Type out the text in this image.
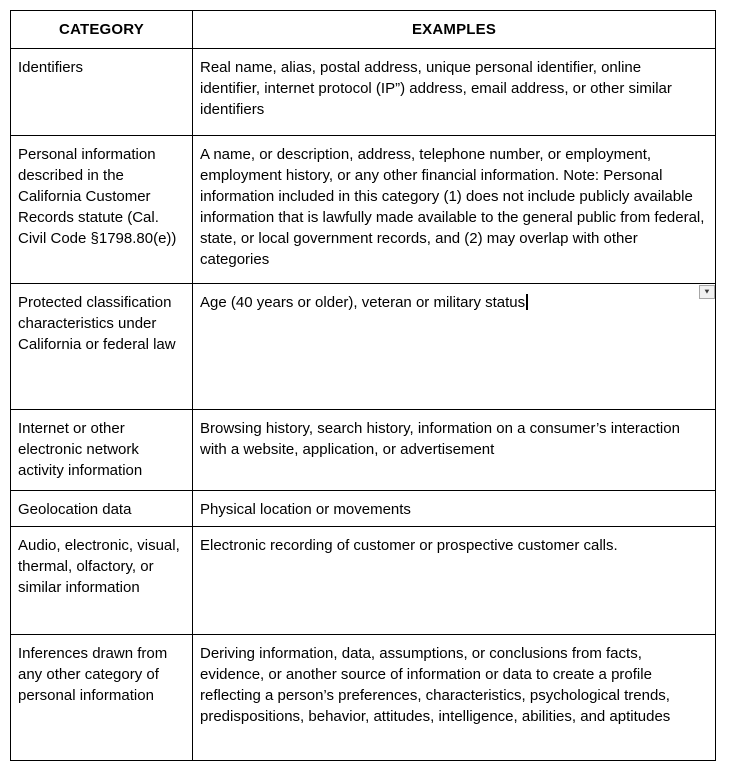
CATEGORY	EXAMPLES
Identifiers	Real name, alias, postal address, unique personal identifier, online identifier, internet protocol (IP”) address, email address, or other similar identifiers
Personal information described in the California Customer Records statute (Cal. Civil Code §1798.80(e))	A name, or description, address, telephone number, or employment, employment history, or any other financial information. Note: Personal information included in this category (1) does not include publicly available information that is lawfully made available to the general public from federal, state, or local government records, and (2) may overlap with other categories
Protected classification characteristics under California or federal law	Age (40 years or older), veteran or military status
Internet or other electronic network activity information	Browsing history, search history, information on a consumer’s interaction with a website, application, or advertisement
Geolocation data	Physical location or movements
Audio, electronic, visual, thermal, olfactory, or similar information	Electronic recording of customer or prospective customer calls.
Inferences drawn from any other category of personal information	Deriving information, data, assumptions, or conclusions from facts, evidence, or another source of information or data to create a profile reflecting a person’s preferences, characteristics, psychological trends, predispositions, behavior, attitudes, intelligence, abilities, and aptitudes
▼
